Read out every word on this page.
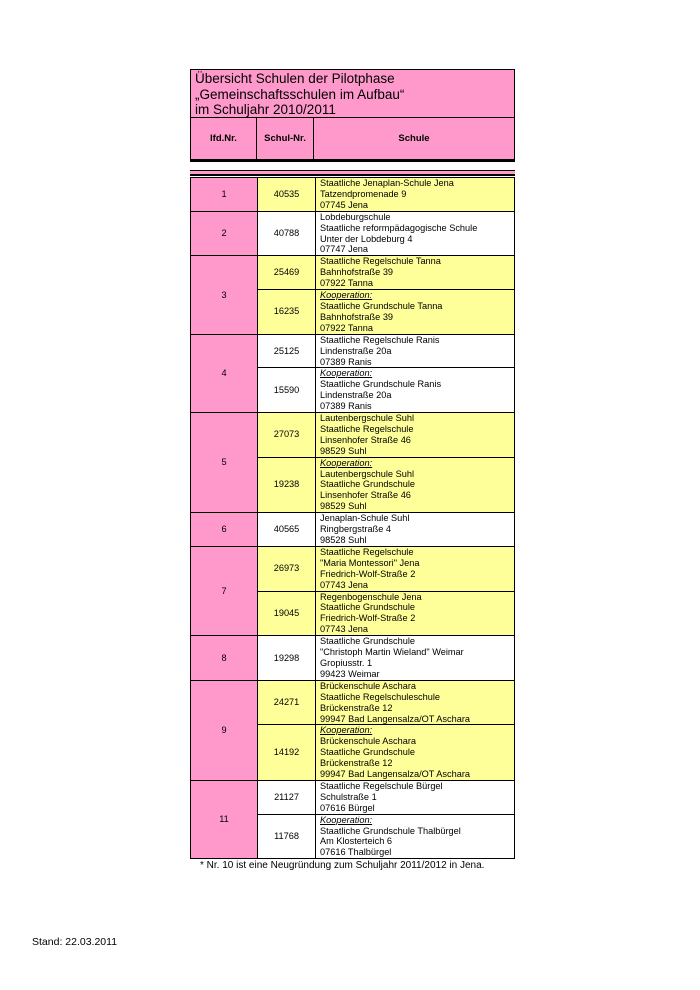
Übersicht Schulen der Pilotphase
„Gemeinschaftsschulen im Aufbau“
im Schuljahr 2010/2011
lfd.Nr.	Schul-Nr.	Schule
1	40535	Staatliche Jenaplan-Schule Jena
Tatzendpromenade 9
07745 Jena

2	40788	Lobdeburgschule
Staatliche reformpädagogische Schule
Unter der Lobdeburg 4
07747 Jena

3	25469	Staatliche Regelschule Tanna
Bahnhofstraße 39
07922 Tanna

	16235	Kooperation:
Staatliche Grundschule Tanna
Bahnhofstraße 39
07922 Tanna

4	25125	Staatliche Regelschule Ranis
Lindenstraße 20a
07389 Ranis

	15590	Kooperation:
Staatliche Grundschule Ranis
Lindenstraße 20a
07389 Ranis

5	27073	Lautenbergschule Suhl
Staatliche Regelschule
Linsenhofer Straße 46
98529 Suhl

	19238	Kooperation:
Lautenbergschule Suhl
Staatliche Grundschule
Linsenhofer Straße 46
98529 Suhl

6	40565	Jenaplan-Schule Suhl
Ringbergstraße 4
98528 Suhl

7	26973	Staatliche Regelschule
"Maria Montessori" Jena
Friedrich-Wolf-Straße 2
07743 Jena

	19045	Regenbogenschule Jena
Staatliche Grundschule
Friedrich-Wolf-Straße 2
07743 Jena

8	19298	Staatliche Grundschule
"Christoph Martin Wieland" Weimar
Gropiusstr. 1
99423 Weimar

9	24271	Brückenschule Aschara
Staatliche Regelschuleschule
Brückenstraße 12
99947 Bad Langensalza/OT Aschara

	14192	Kooperation:
Brückenschule Aschara
Staatliche Grundschule
Brückenstraße 12
99947 Bad Langensalza/OT Aschara

11	21127	Staatliche Regelschule Bürgel
Schulstraße 1
07616 Bürgel

	11768	Kooperation:
Staatliche Grundschule Thalbürgel
Am Klosterteich 6
07616 Thalbürgel
* Nr. 10 ist eine Neugründung zum Schuljahr 2011/2012 in Jena.
Stand: 22.03.2011
